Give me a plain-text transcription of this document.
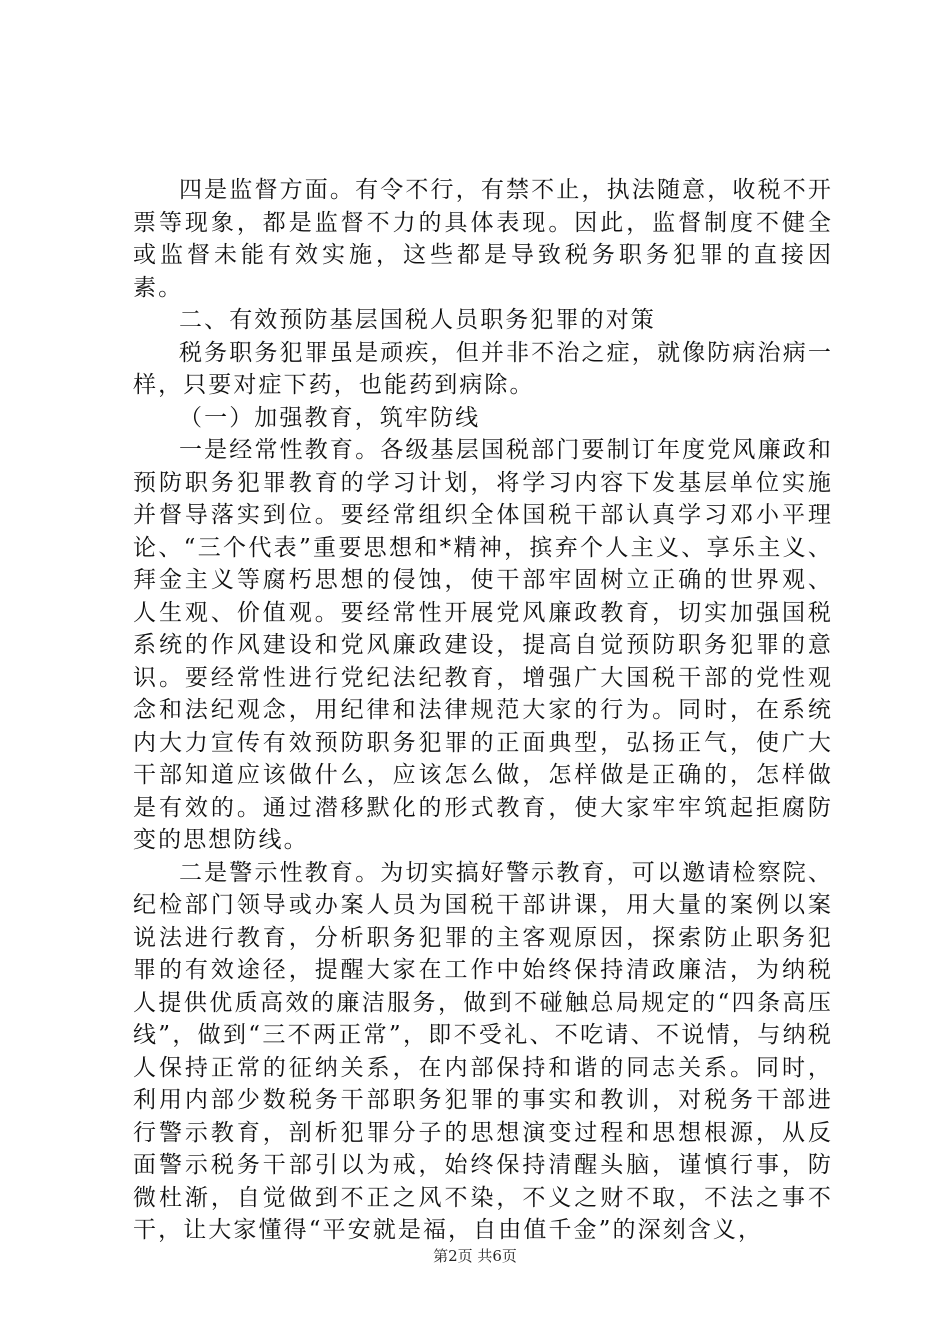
四是监督方面。有令不行，有禁不止，执法随意，收税不开票等现象，都是监督不力的具体表现。因此，监督制度不健全或监督未能有效实施，这些都是导致税务职务犯罪的直接因素。

二、有效预防基层国税人员职务犯罪的对策

税务职务犯罪虽是顽疾，但并非不治之症，就像防病治病一样，只要对症下药，也能药到病除。

（一）加强教育，筑牢防线

一是经常性教育。各级基层国税部门要制订年度党风廉政和预防职务犯罪教育的学习计划，将学习内容下发基层单位实施并督导落实到位。要经常组织全体国税干部认真学习邓小平理论、“三个代表”重要思想和*精神，摈弃个人主义、享乐主义、拜金主义等腐朽思想的侵蚀，使干部牢固树立正确的世界观、人生观、价值观。要经常性开展党风廉政教育，切实加强国税系统的作风建设和党风廉政建设，提高自觉预防职务犯罪的意识。要经常性进行党纪法纪教育，增强广大国税干部的党性观念和法纪观念，用纪律和法律规范大家的行为。同时，在系统内大力宣传有效预防职务犯罪的正面典型，弘扬正气，使广大干部知道应该做什么，应该怎么做，怎样做是正确的，怎样做是有效的。通过潜移默化的形式教育，使大家牢牢筑起拒腐防变的思想防线。

二是警示性教育。为切实搞好警示教育，可以邀请检察院、纪检部门领导或办案人员为国税干部讲课，用大量的案例以案说法进行教育，分析职务犯罪的主客观原因，探索防止职务犯罪的有效途径，提醒大家在工作中始终保持清政廉洁，为纳税人提供优质高效的廉洁服务，做到不碰触总局规定的“四条高压线”，做到“三不两正常”，即不受礼、不吃请、不说情，与纳税人保持正常的征纳关系，在内部保持和谐的同志关系。同时，利用内部少数税务干部职务犯罪的事实和教训，对税务干部进行警示教育，剖析犯罪分子的思想演变过程和思想根源，从反面警示税务干部引以为戒，始终保持清醒头脑，谨慎行事，防微杜渐，自觉做到不正之风不染，不义之财不取，不法之事不干，让大家懂得“平安就是福，自由值千金”的深刻含义，

第2页 共6页
